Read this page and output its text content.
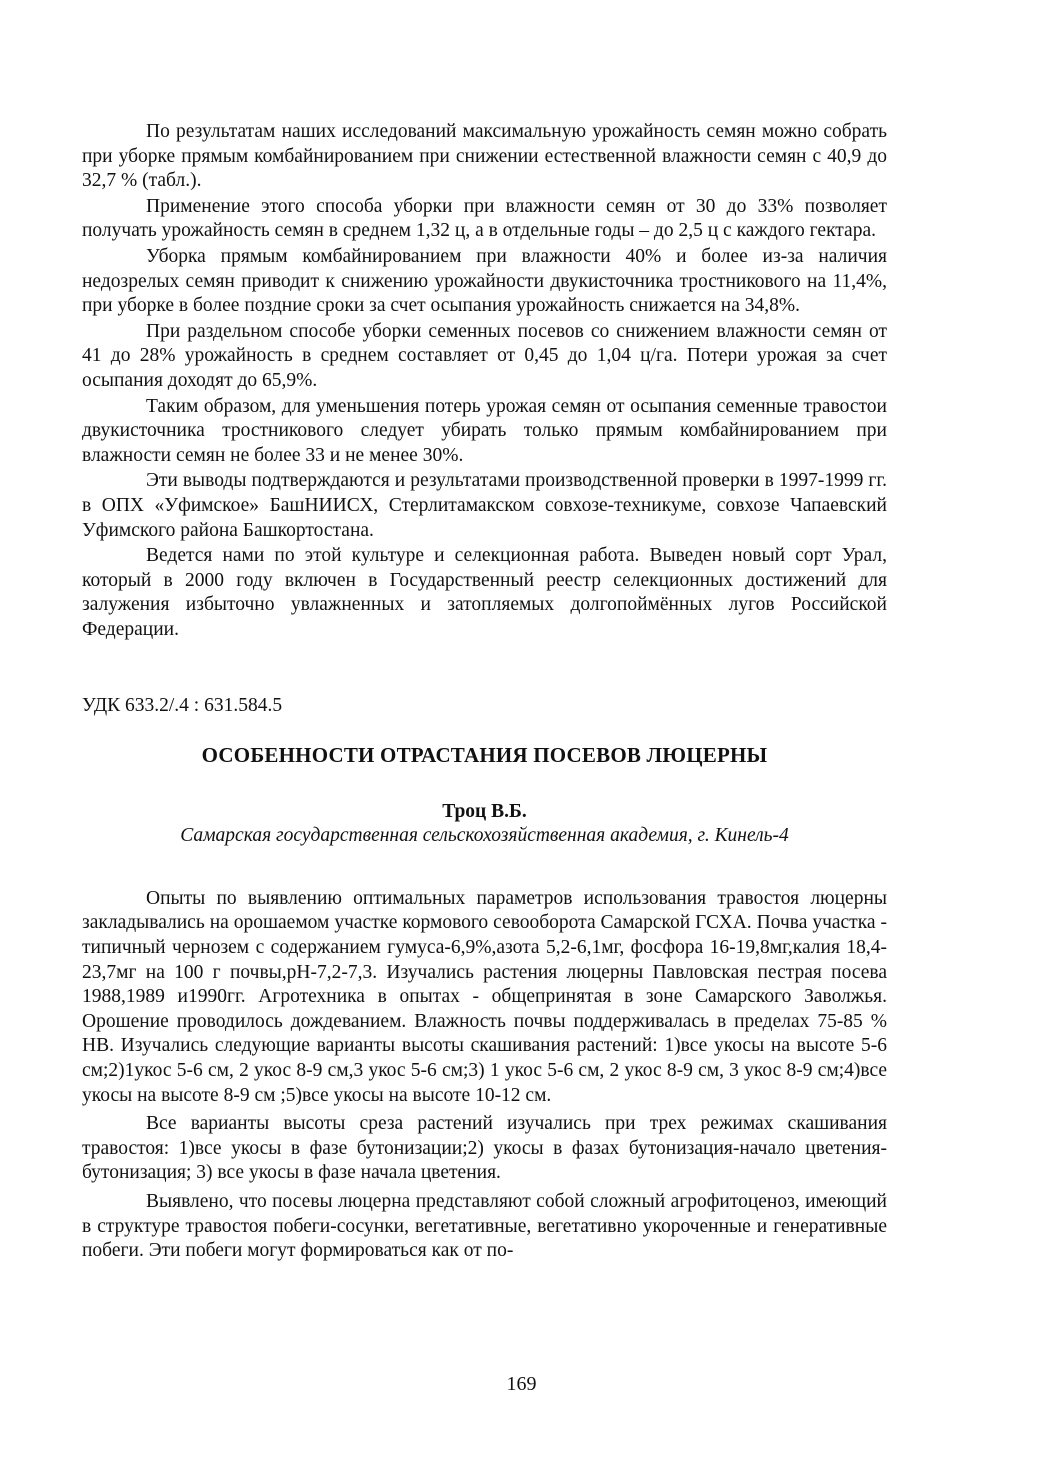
По результатам наших исследований максимальную урожайность семян можно собрать при уборке прямым комбайнированием при снижении естественной влажности семян с 40,9 до 32,7 % (табл.).

Применение этого способа уборки при влажности семян от 30 до 33% позволяет получать урожайность семян в среднем 1,32 ц, а в отдельные годы – до 2,5 ц с каждого гектара.

Уборка прямым комбайнированием при влажности 40% и более из-за наличия недозрелых семян приводит к снижению урожайности двукисточника тростникового на 11,4%, при уборке в более поздние сроки за счет осыпания урожайность снижается на 34,8%.

При раздельном способе уборки семенных посевов со снижением влажности семян от 41 до 28% урожайность в среднем составляет от 0,45 до 1,04 ц/га. Потери урожая за счет осыпания доходят до 65,9%.

Таким образом, для уменьшения потерь урожая семян от осыпания семенные травостои двукисточника тростникового следует убирать только прямым комбайнированием при влажности семян не более 33 и не менее 30%.

Эти выводы подтверждаются и результатами производственной проверки в 1997-1999 гг. в ОПХ «Уфимское» БашНИИСХ, Стерлитамакском совхозе-техникуме, совхозе Чапаевский Уфимского района Башкортостана.

Ведется нами по этой культуре и селекционная работа. Выведен новый сорт Урал, который в 2000 году включен в Государственный реестр селекционных достижений для залужения избыточно увлажненных и затопляемых долгопоймённых лугов Российской Федерации.

УДК 633.2/.4 : 631.584.5

ОСОБЕННОСТИ ОТРАСТАНИЯ ПОСЕВОВ ЛЮЦЕРНЫ

Троц В.Б.

Самарская государственная сельскохозяйственная академия, г. Кинель-4

Опыты по выявлению оптимальных параметров использования травостоя люцерны закладывались на орошаемом участке кормового севооборота Самарской ГСХА. Почва участка - типичный чернозем с содержанием гумуса-6,9%,азота 5,2-6,1мг, фосфора 16-19,8мг,калия 18,4-23,7мг на 100 г почвы,рН-7,2-7,3. Изучались растения люцерны Павловская пестрая посева 1988,1989 и1990гг. Агротехника в опытах - общепринятая в зоне Самарского Заволжья. Орошение проводилось дождеванием. Влажность почвы поддерживалась в пределах 75-85 % НВ. Изучались следующие варианты высоты скашивания растений: 1)все укосы на высоте 5-6 см;2)1укос 5-6 см, 2 укос 8-9 см,3 укос 5-6 см;3) 1 укос 5-6 см, 2 укос 8-9 см, 3 укос 8-9 см;4)все укосы на высоте 8-9 см ;5)все укосы на высоте 10-12 см.

Все варианты высоты среза растений изучались при трех режимах скашивания травостоя: 1)все укосы в фазе бутонизации;2) укосы в фазах бутонизация-начало цветения-бутонизация; 3) все укосы в фазе начала цветения.

Выявлено, что посевы люцерна представляют собой сложный агрофитоценоз, имеющий в структуре травостоя побеги-сосунки, вегетативные, вегетативно укороченные и генеративные побеги. Эти побеги могут формироваться как от по-

169
